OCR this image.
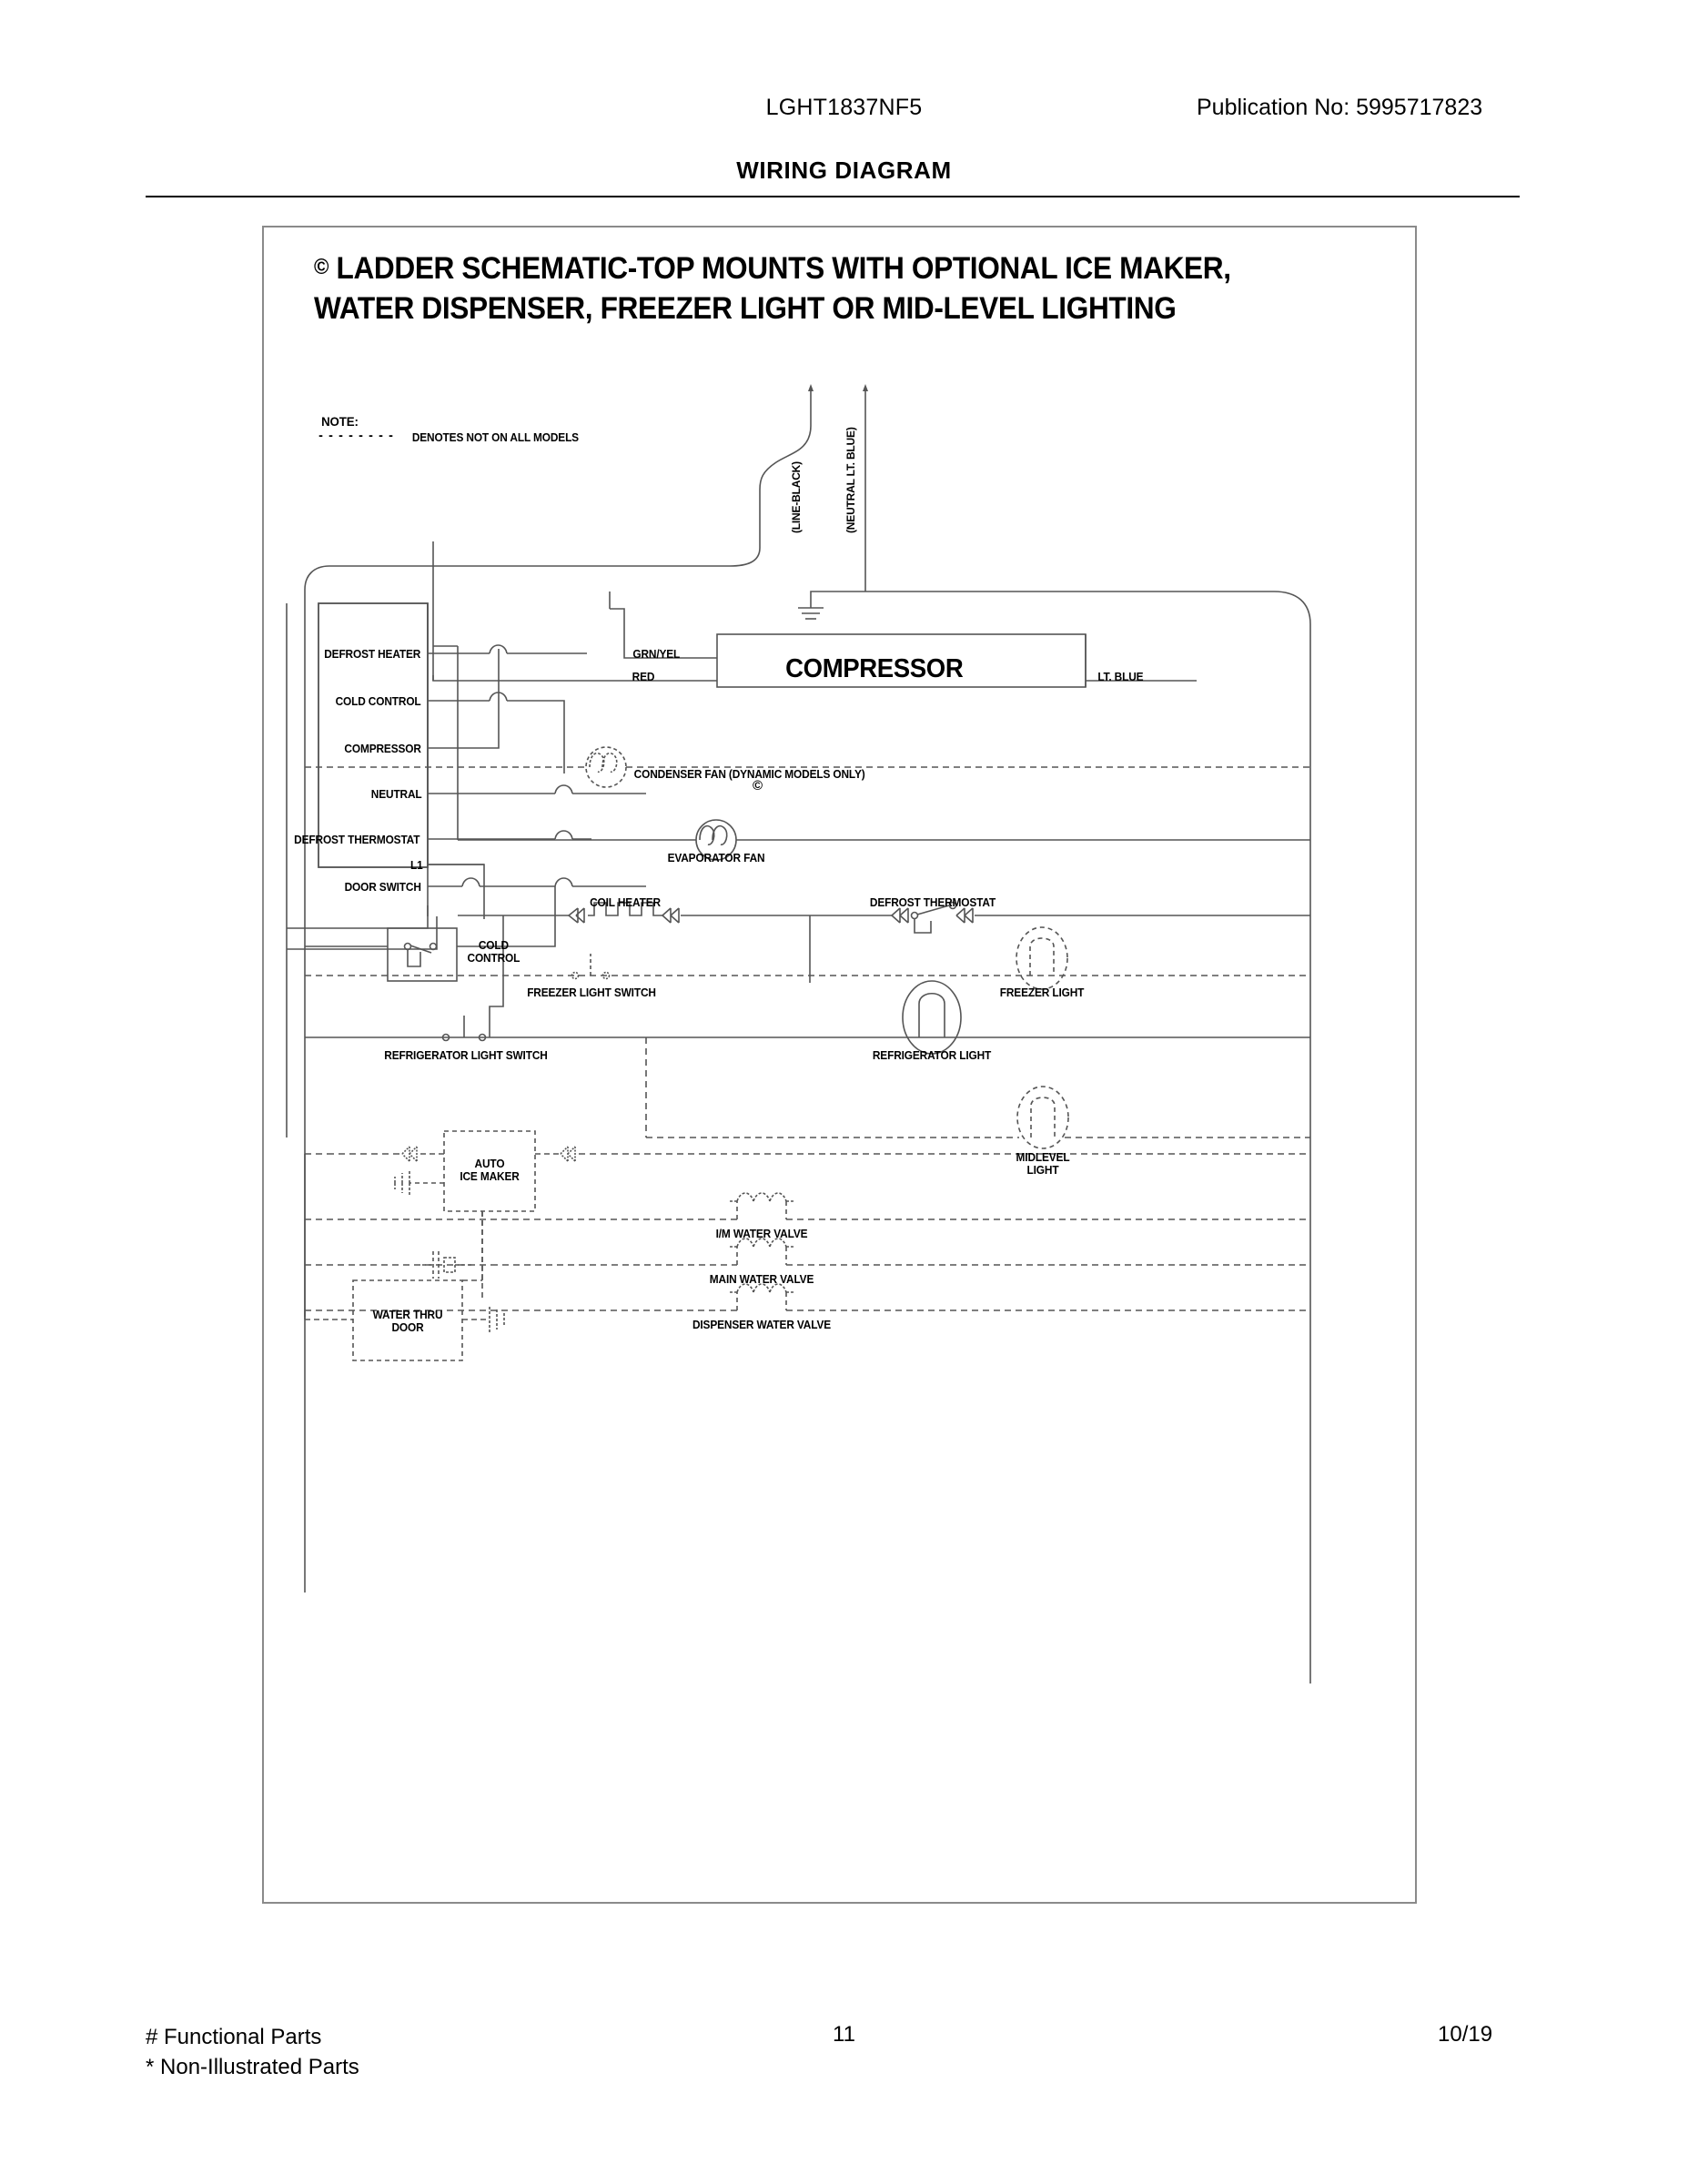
LGHT1837NF5	Publication No: 5995717823
WIRING DIAGRAM
© LADDER SCHEMATIC-TOP MOUNTS WITH OPTIONAL ICE MAKER,
WATER DISPENSER, FREEZER LIGHT OR MID-LEVEL LIGHTING
NOTE:
- - - - - - - - DENOTES NOT ON ALL MODELS
(LINE-BLACK)	(NEUTRAL LT. BLUE)
GRN/YEL
RED	COMPRESSOR	LT. BLUE
CONDENSER FAN (DYNAMIC MODELS ONLY)
©
EVAPORATOR FAN
COIL HEATER	DEFROST THERMOSTAT
DEFROST HEATER
COLD CONTROL
COMPRESSOR
NEUTRAL
DEFROST THERMOSTAT
L1
DOOR SWITCH
COLD
CONTROL
FREEZER LIGHT SWITCH	FREEZER LIGHT
REFRIGERATOR LIGHT SWITCH	REFRIGERATOR LIGHT
MIDLEVEL
LIGHT
AUTO
ICE MAKER
I/M WATER VALVE
MAIN WATER VALVE
DISPENSER WATER VALVE
WATER THRU
DOOR
# Functional Parts
* Non-Illustrated Parts
11	10/19
